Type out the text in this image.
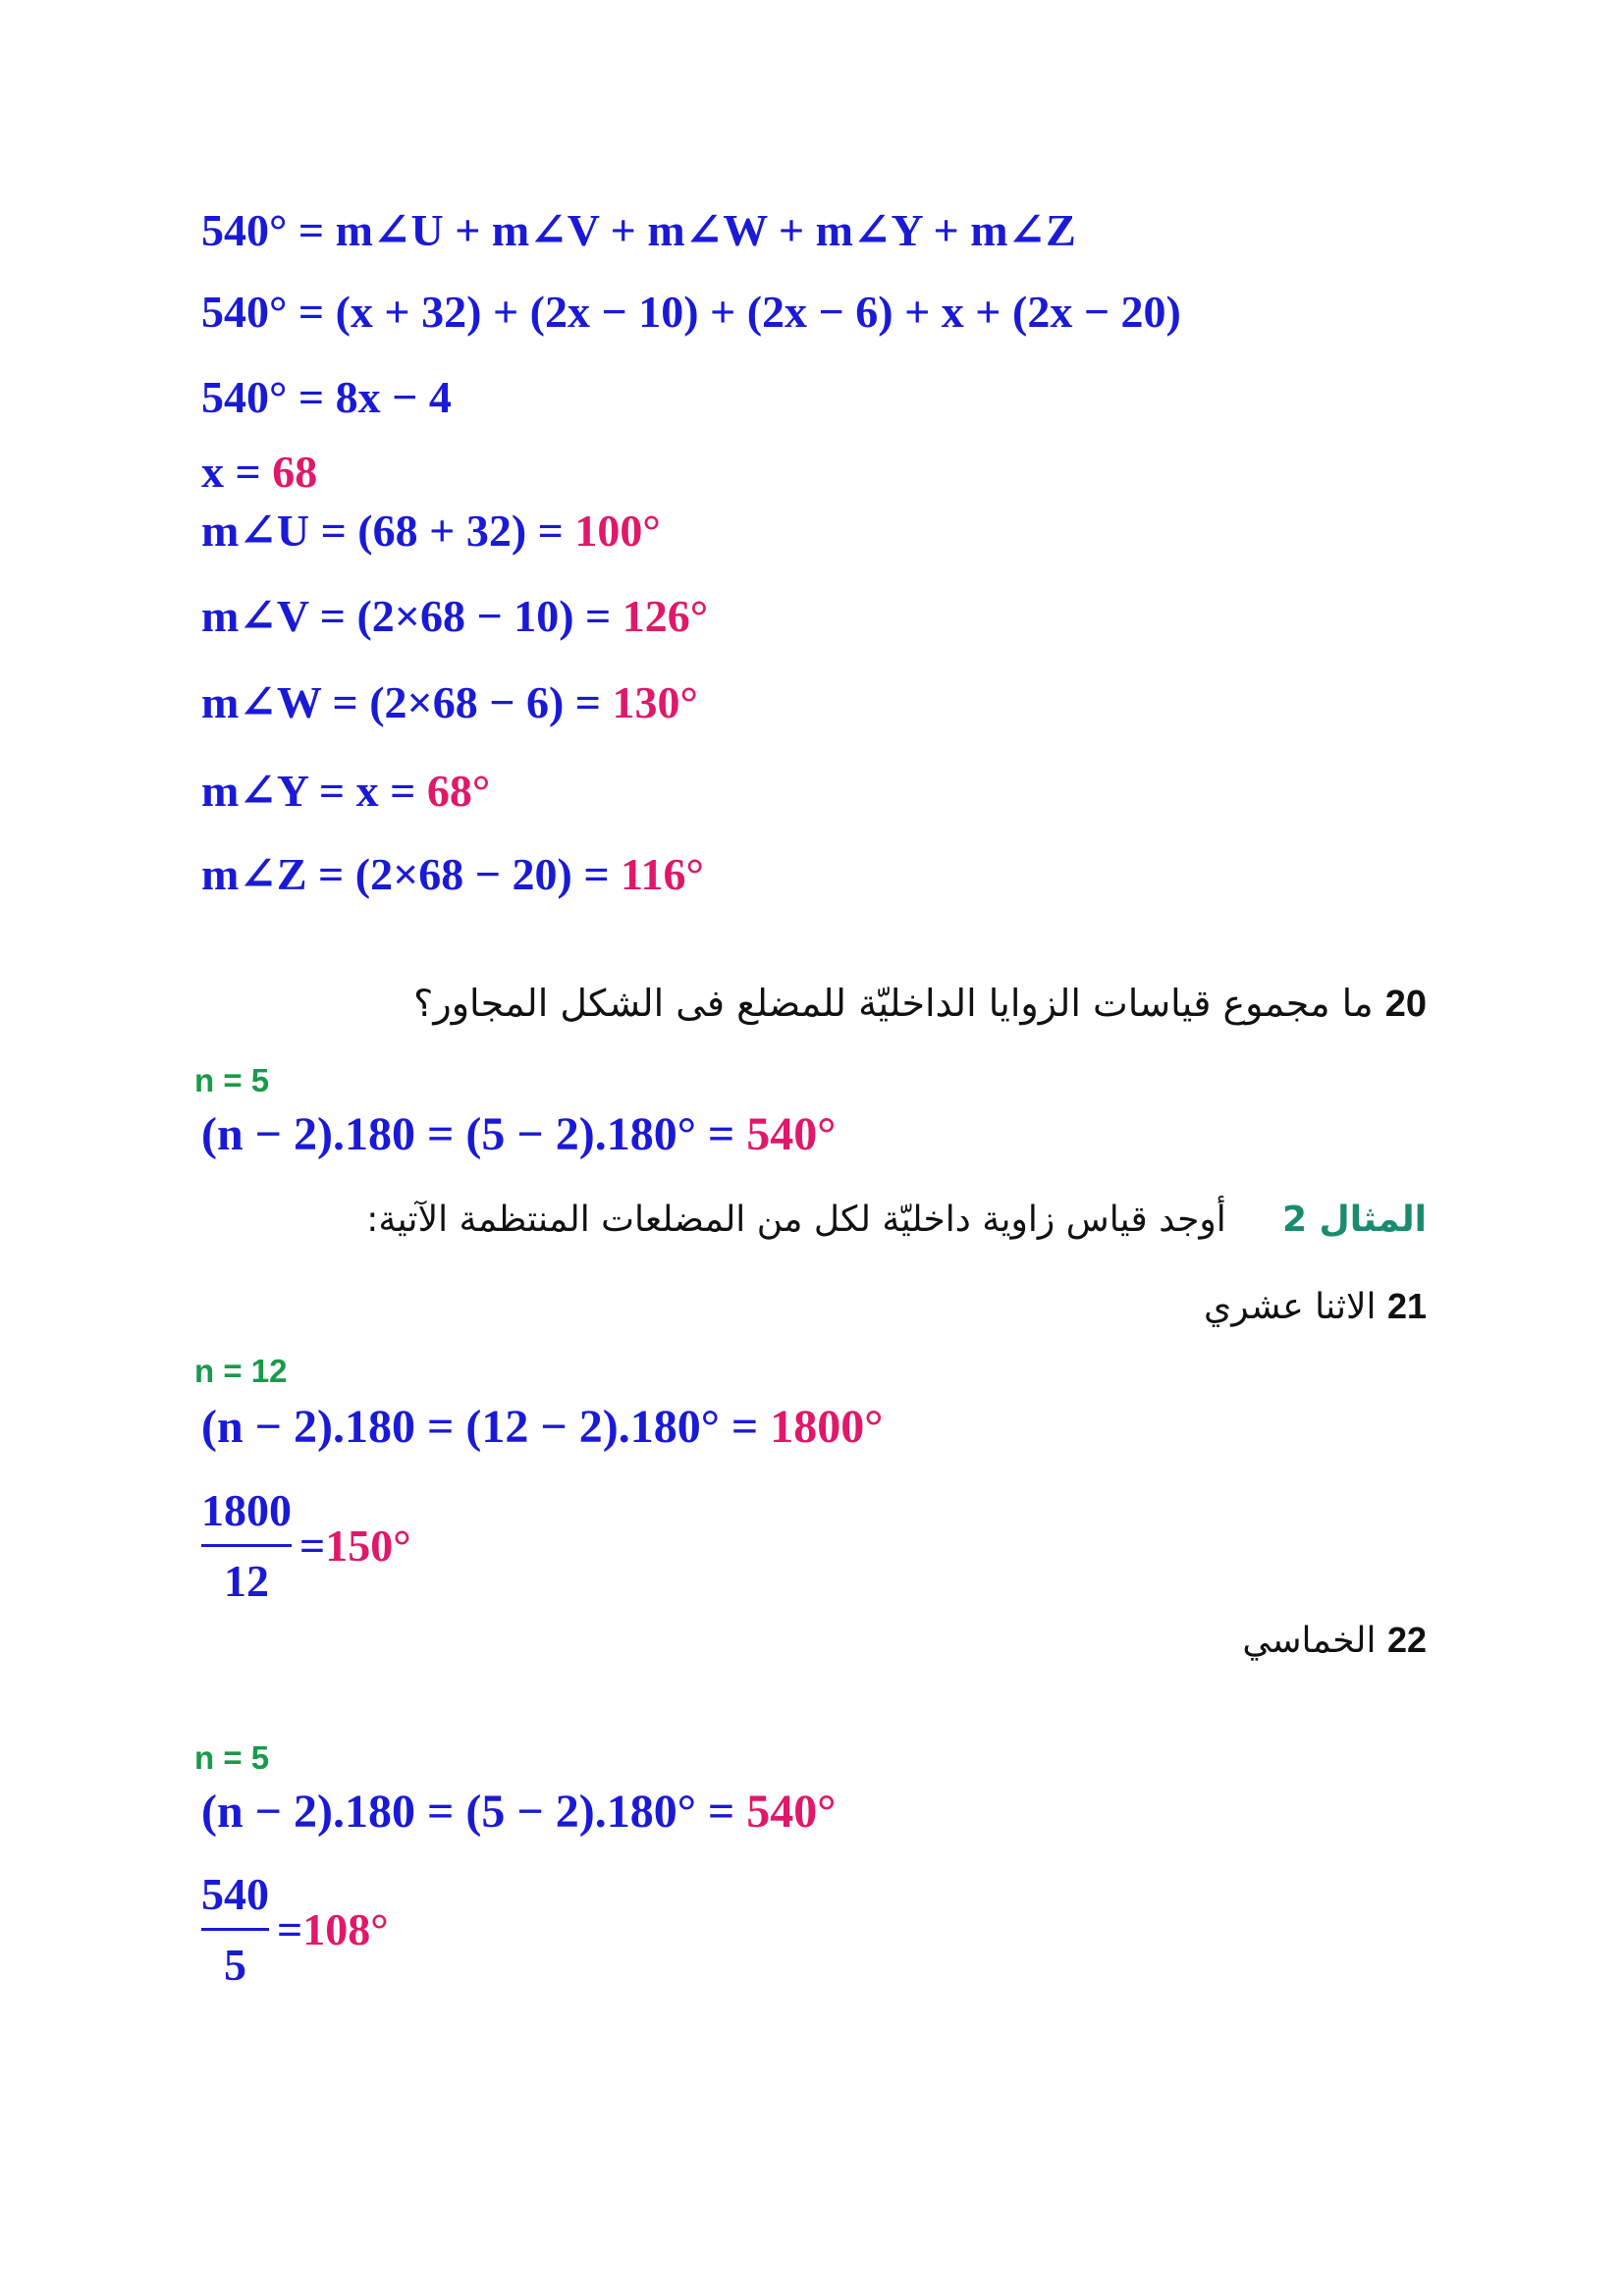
540° = m∠U + m∠V + m∠W + m∠Y + m∠Z
540° = (x + 32) + (2x − 10) + (2x − 6) + x + (2x − 20)
540° = 8x − 4
x = 68
m∠U = (68 + 32) = 100°
m∠V = (2×68 − 10) = 126°
m∠W = (2×68 − 6) = 130°
m∠Y = x = 68°
m∠Z = (2×68 − 20) = 116°
20 ما مجموع قياسات الزوايا الداخليّة للمضلع فى الشكل المجاور؟
n = 5
(n − 2).180 = (5 − 2).180° = 540°
المثال 2     أوجد قياس زاوية داخليّة لكل من المضلعات المنتظمة الآتية:
21 الاثنا عشري
n = 12
(n − 2).180 = (12 − 2).180° = 1800°
1800
12
=150°
22 الخماسي
n = 5
(n − 2).180 = (5 − 2).180° = 540°
540
5
=108°
